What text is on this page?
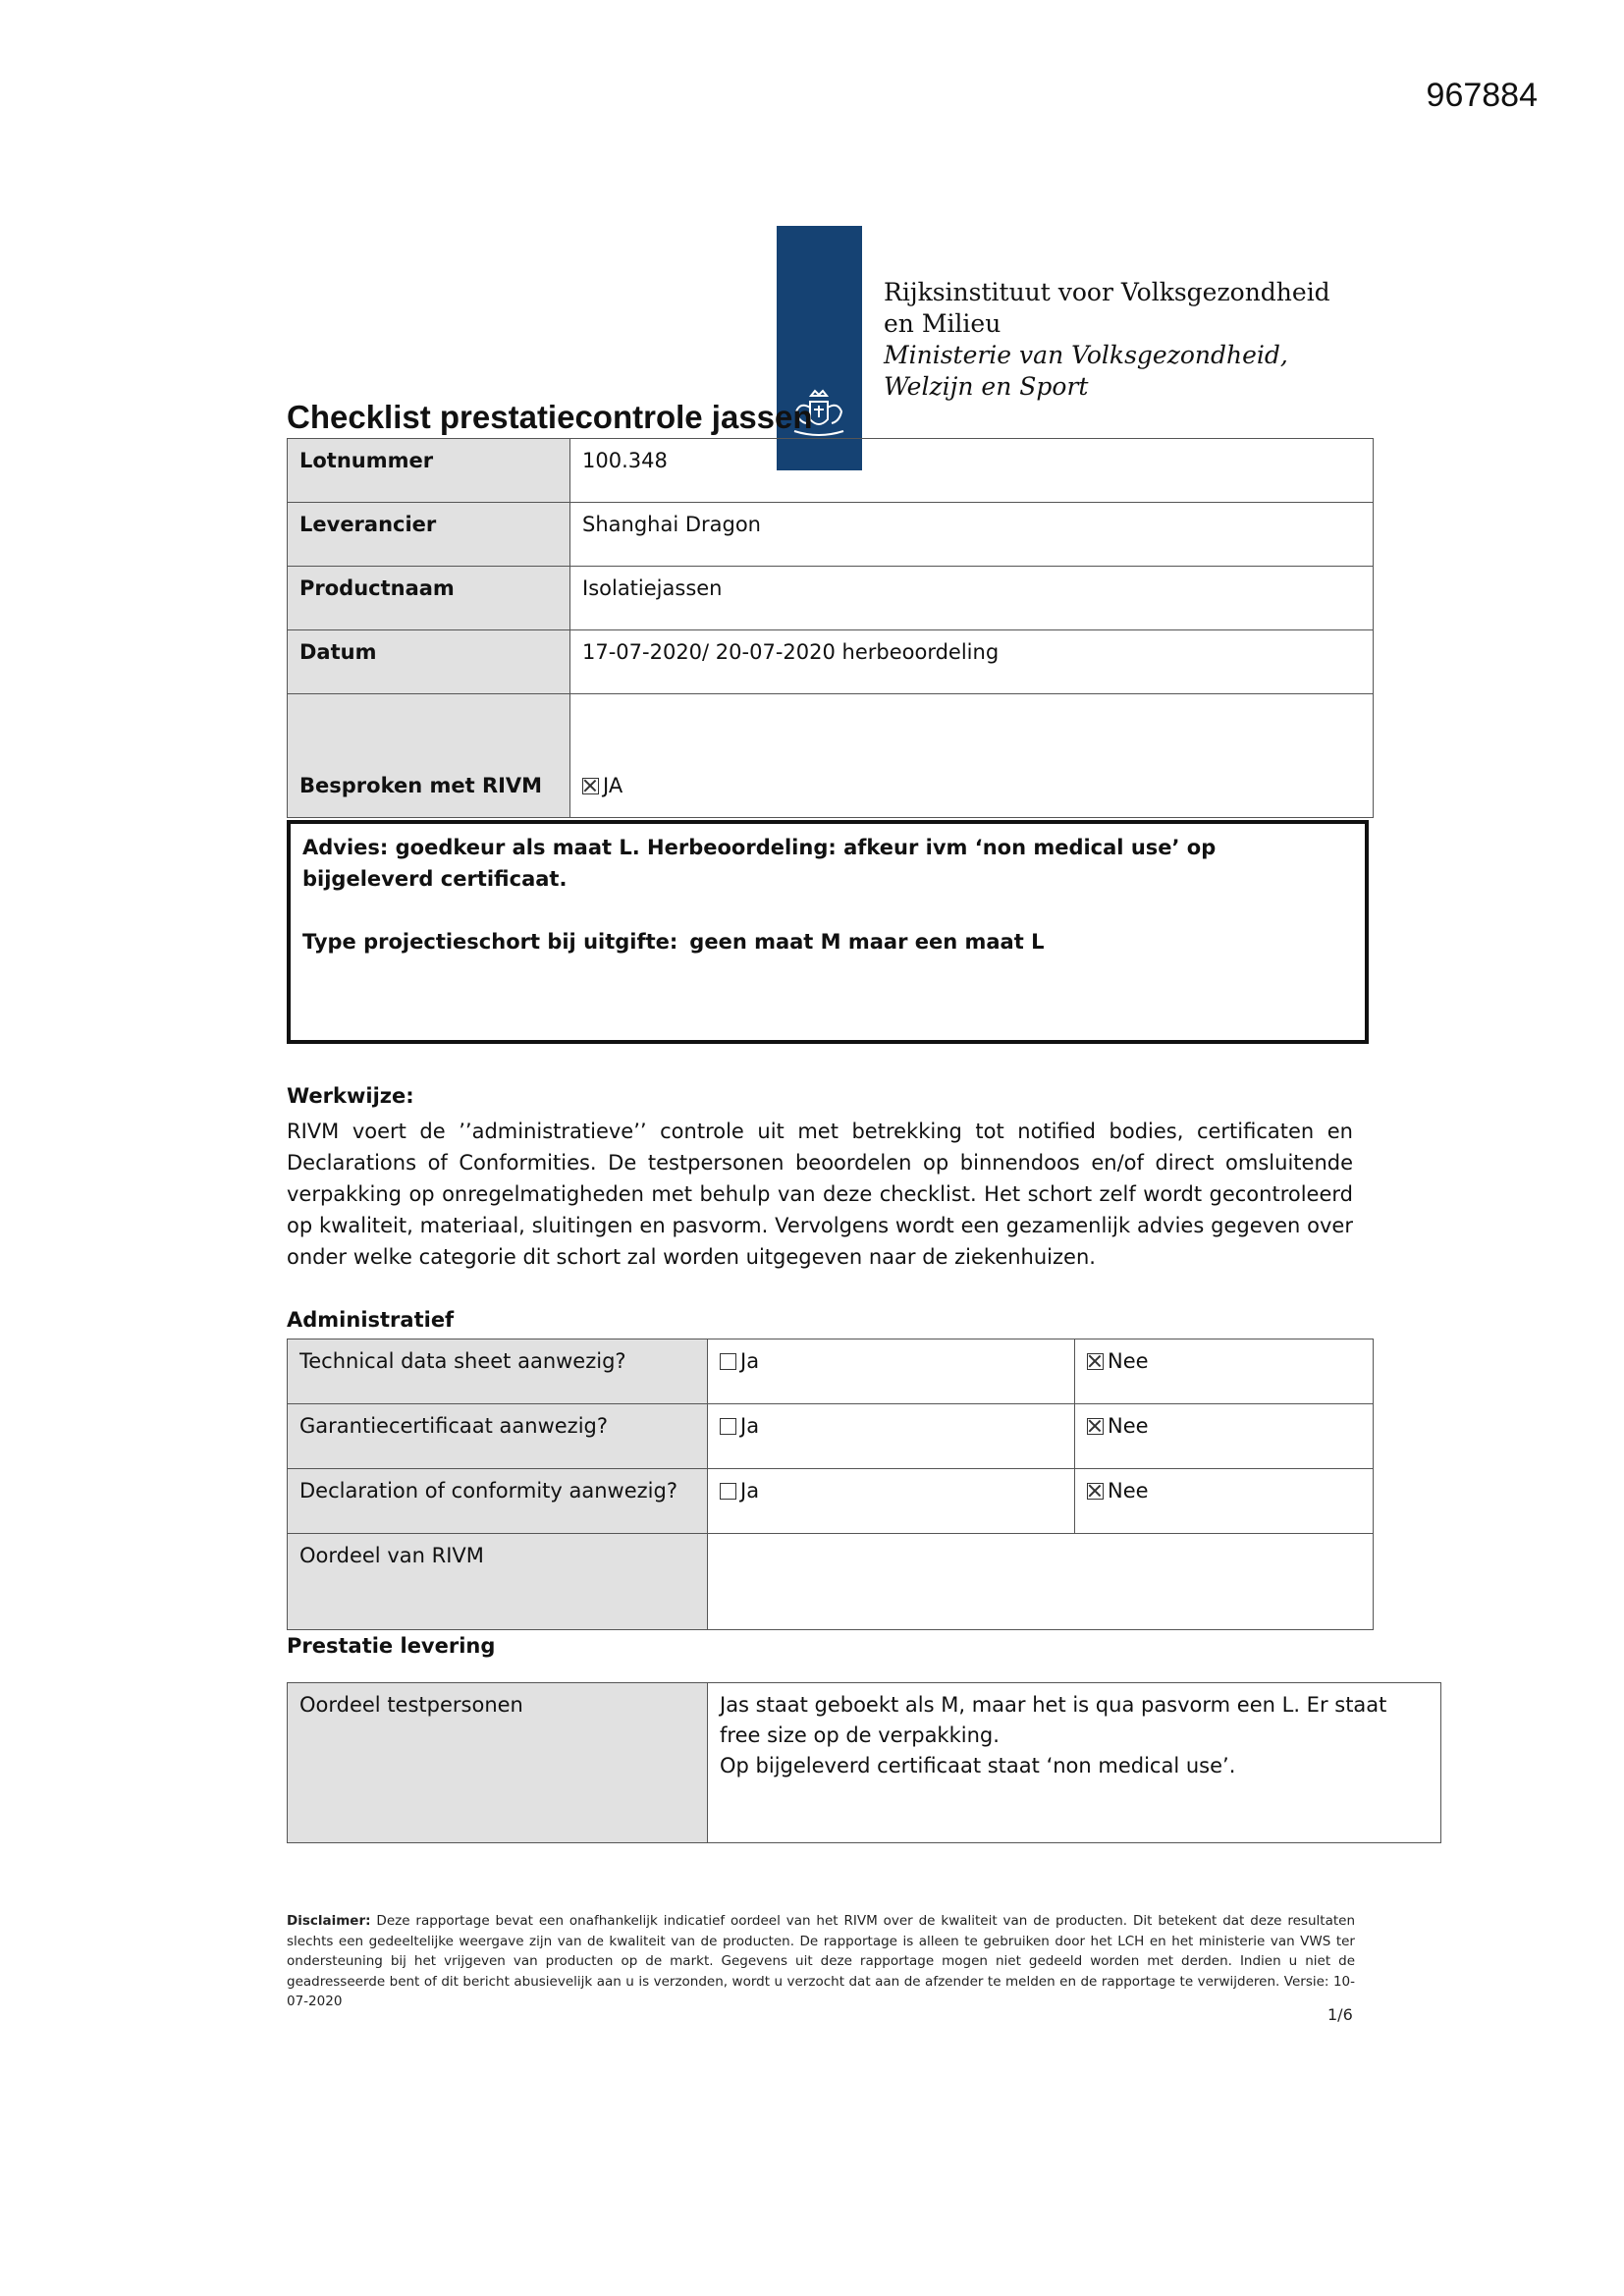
967884
Rijksinstituut voor Volksgezondheid
en Milieu
Ministerie van Volksgezondheid,
Welzijn en Sport
Checklist prestatiecontrole jassen
Lotnummer	100.348

Leverancier	Shanghai Dragon

Productnaam	Isolatiejassen

Datum	17-07-2020/ 20-07-2020 herbeoordeling

Besproken met RIVM	JA

Advies: goedkeur als maat L. Herbeoordeling: afkeur ivm ‘non medical use’ op bijgeleverd certificaat.

Type projectieschort bij uitgifte: geen maat M maar een maat L

Werkwijze:
RIVM voert de ’’administratieve’’ controle uit met betrekking tot notified bodies, certificaten en Declarations of Conformities. De testpersonen beoordelen op binnendoos en/of direct omsluitende verpakking op onregelmatigheden met behulp van deze checklist. Het schort zelf wordt gecontroleerd op kwaliteit, materiaal, sluitingen en pasvorm. Vervolgens wordt een gezamenlijk advies gegeven over onder welke categorie dit schort zal worden uitgegeven naar de ziekenhuizen.
Administratief
Technical data sheet aanwezig?	Ja	Nee

Garantiecertificaat aanwezig?	Ja	Nee

Declaration of conformity aanwezig?	Ja	Nee

Oordeel van RIVM		

Prestatie levering
Oordeel testpersonen	Jas staat geboekt als M, maar het is qua pasvorm een L. Er staat free size op de verpakking.
Op bijgeleverd certificaat staat ‘non medical use’.
Disclaimer: Deze rapportage bevat een onafhankelijk indicatief oordeel van het RIVM over de kwaliteit van de producten. Dit betekent dat deze resultaten slechts een gedeeltelijke weergave zijn van de kwaliteit van de producten. De rapportage is alleen te gebruiken door het LCH en het ministerie van VWS ter ondersteuning bij het vrijgeven van producten op de markt. Gegevens uit deze rapportage mogen niet gedeeld worden met derden. Indien u niet de geadresseerde bent of dit bericht abusievelijk aan u is verzonden, wordt u verzocht dat aan de afzender te melden en de rapportage te verwijderen. Versie: 10-07-2020
1/6
